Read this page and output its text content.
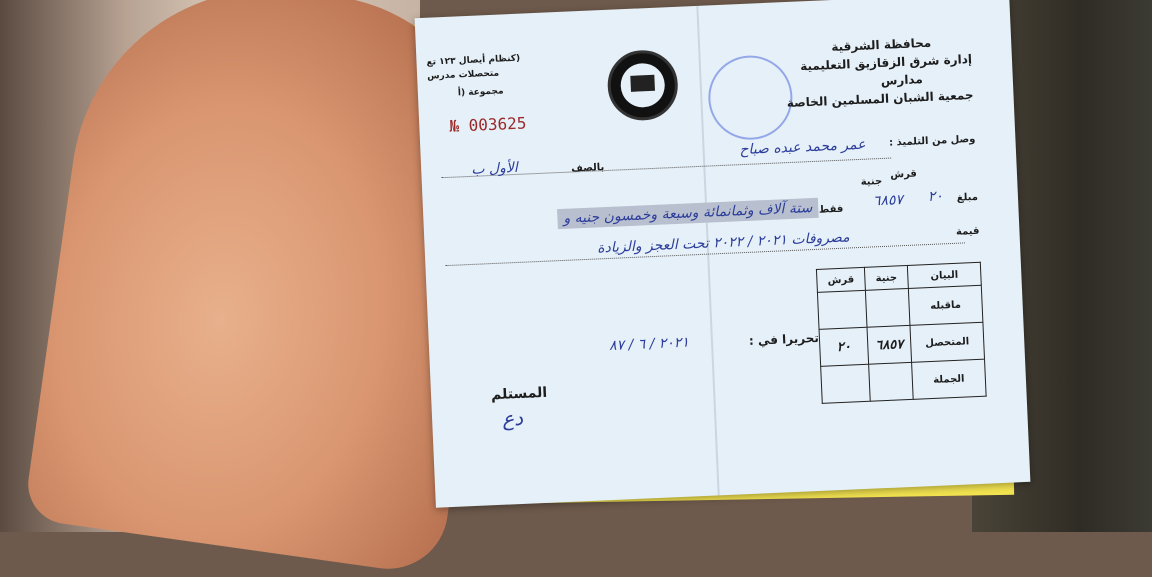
(كنظام أيصال ١٢٣ تع
متحصلات مدرس
مجموعة (أ
№ 003625
محافظة الشرقية
إدارة شرق الزقازيق التعليمية
مدارس
جمعية الشبان المسلمين الخاصة
وصل من التلميذ :
عمر محمد عبده صباح
بالصف
الأول ب	قرش
جنية
مبلغ
٢٠
٦٨٥٧
فقط
ستة آلاف وثمانمائة وسبعة وخمسون جنيه و
قيمة
مصروفات ٢٠٢١ / ٢٠٢٢ تحت العجز والزيادة
تحريرا في :
٢٠٢١ / ٦ / ٨٧
المستلم
دع
البيان	جنية	قرش
ماقبله		
المتحصل	٦٨٥٧	٢٠
الجملة		
